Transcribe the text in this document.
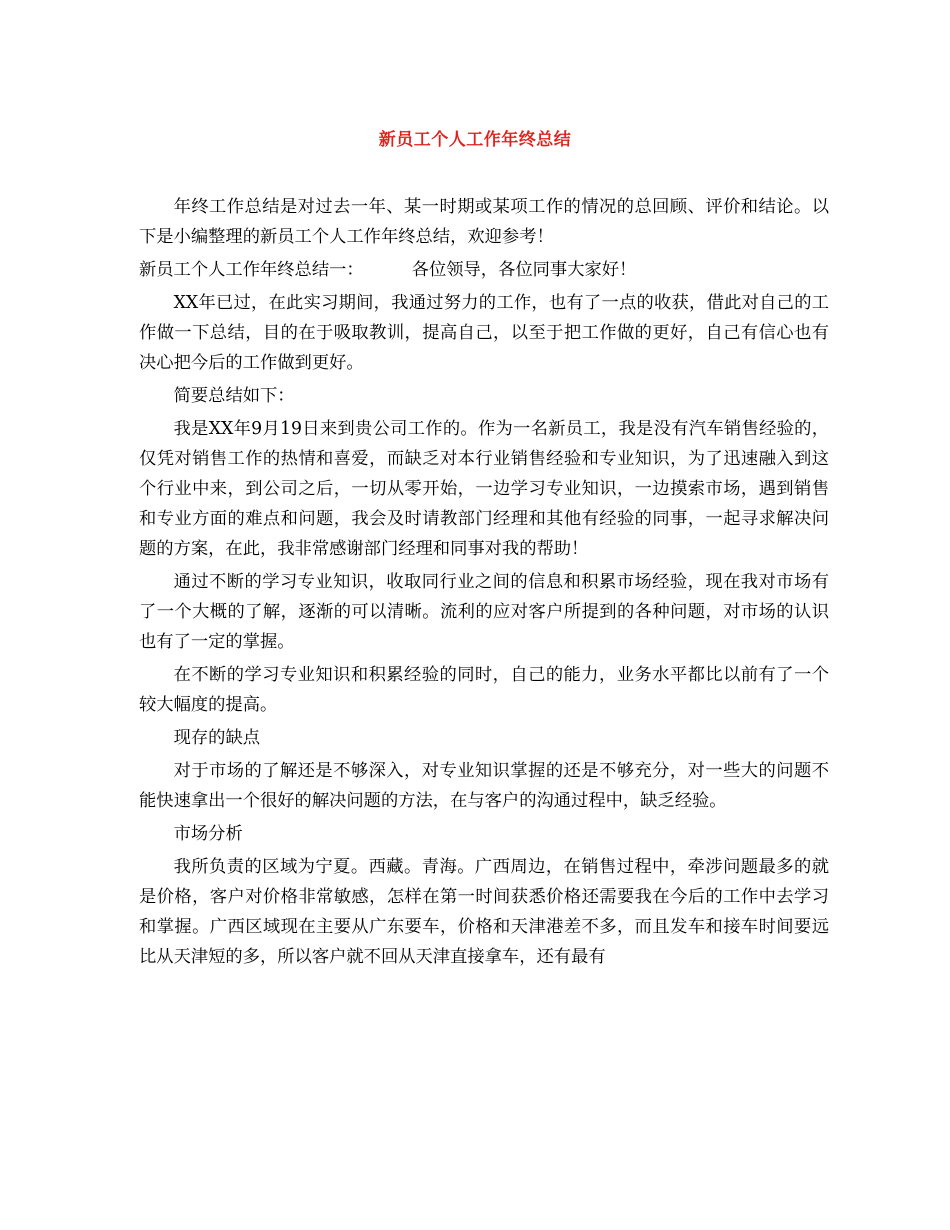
新员工个人工作年终总结

年终工作总结是对过去一年、某一时期或某项工作的情况的总回顾、评价和结论。以下是小编整理的新员工个人工作年终总结，欢迎参考！

新员工个人工作年终总结一：	各位领导，各位同事大家好！

XX年已过，在此实习期间，我通过努力的工作，也有了一点的收获，借此对自己的工作做一下总结，目的在于吸取教训，提高自己，以至于把工作做的更好，自己有信心也有决心把今后的工作做到更好。

简要总结如下：

我是XX年9月19日来到贵公司工作的。作为一名新员工，我是没有汽车销售经验的，仅凭对销售工作的热情和喜爱，而缺乏对本行业销售经验和专业知识，为了迅速融入到这个行业中来，到公司之后，一切从零开始，一边学习专业知识，一边摸索市场，遇到销售和专业方面的难点和问题，我会及时请教部门经理和其他有经验的同事，一起寻求解决问题的方案，在此，我非常感谢部门经理和同事对我的帮助！

通过不断的学习专业知识，收取同行业之间的信息和积累市场经验，现在我对市场有了一个大概的了解，逐渐的可以清晰。流利的应对客户所提到的各种问题，对市场的认识也有了一定的掌握。

在不断的学习专业知识和积累经验的同时，自己的能力，业务水平都比以前有了一个较大幅度的提高。

现存的缺点

对于市场的了解还是不够深入，对专业知识掌握的还是不够充分，对一些大的问题不能快速拿出一个很好的解决问题的方法，在与客户的沟通过程中，缺乏经验。

市场分析

我所负责的区域为宁夏。西藏。青海。广西周边，在销售过程中，牵涉问题最多的就是价格，客户对价格非常敏感，怎样在第一时间获悉价格还需要我在今后的工作中去学习和掌握。广西区域现在主要从广东要车，价格和天津港差不多，而且发车和接车时间要远比从天津短的多，所以客户就不回从天津直接拿车，还有最有
